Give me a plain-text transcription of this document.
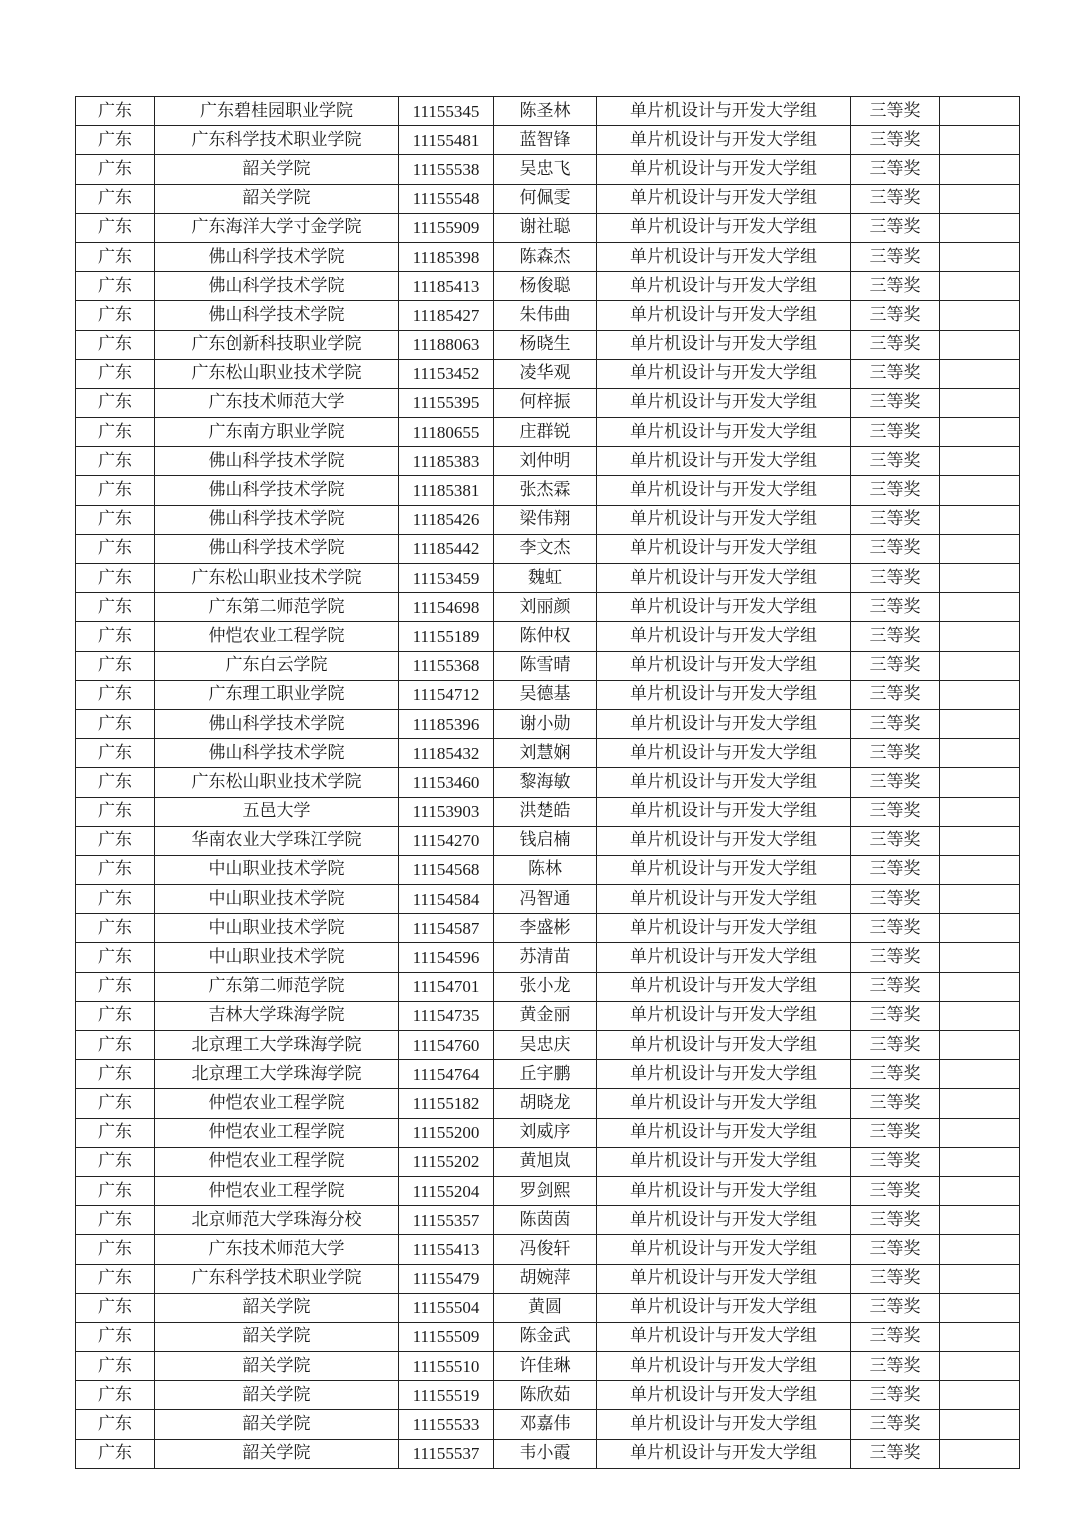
广东	广东碧桂园职业学院	11155345	陈圣林	单片机设计与开发大学组	三等奖	
广东	广东科学技术职业学院	11155481	蓝智锋	单片机设计与开发大学组	三等奖	
广东	韶关学院	11155538	吴忠飞	单片机设计与开发大学组	三等奖	
广东	韶关学院	11155548	何佩雯	单片机设计与开发大学组	三等奖	
广东	广东海洋大学寸金学院	11155909	谢社聪	单片机设计与开发大学组	三等奖	
广东	佛山科学技术学院	11185398	陈森杰	单片机设计与开发大学组	三等奖	
广东	佛山科学技术学院	11185413	杨俊聪	单片机设计与开发大学组	三等奖	
广东	佛山科学技术学院	11185427	朱伟曲	单片机设计与开发大学组	三等奖	
广东	广东创新科技职业学院	11188063	杨晓生	单片机设计与开发大学组	三等奖	
广东	广东松山职业技术学院	11153452	凌华观	单片机设计与开发大学组	三等奖	
广东	广东技术师范大学	11155395	何梓振	单片机设计与开发大学组	三等奖	
广东	广东南方职业学院	11180655	庄群锐	单片机设计与开发大学组	三等奖	
广东	佛山科学技术学院	11185383	刘仲明	单片机设计与开发大学组	三等奖	
广东	佛山科学技术学院	11185381	张杰霖	单片机设计与开发大学组	三等奖	
广东	佛山科学技术学院	11185426	梁伟翔	单片机设计与开发大学组	三等奖	
广东	佛山科学技术学院	11185442	李文杰	单片机设计与开发大学组	三等奖	
广东	广东松山职业技术学院	11153459	魏虹	单片机设计与开发大学组	三等奖	
广东	广东第二师范学院	11154698	刘丽颜	单片机设计与开发大学组	三等奖	
广东	仲恺农业工程学院	11155189	陈仲权	单片机设计与开发大学组	三等奖	
广东	广东白云学院	11155368	陈雪晴	单片机设计与开发大学组	三等奖	
广东	广东理工职业学院	11154712	吴德基	单片机设计与开发大学组	三等奖	
广东	佛山科学技术学院	11185396	谢小勋	单片机设计与开发大学组	三等奖	
广东	佛山科学技术学院	11185432	刘慧娴	单片机设计与开发大学组	三等奖	
广东	广东松山职业技术学院	11153460	黎海敏	单片机设计与开发大学组	三等奖	
广东	五邑大学	11153903	洪楚皓	单片机设计与开发大学组	三等奖	
广东	华南农业大学珠江学院	11154270	钱启楠	单片机设计与开发大学组	三等奖	
广东	中山职业技术学院	11154568	陈林	单片机设计与开发大学组	三等奖	
广东	中山职业技术学院	11154584	冯智通	单片机设计与开发大学组	三等奖	
广东	中山职业技术学院	11154587	李盛彬	单片机设计与开发大学组	三等奖	
广东	中山职业技术学院	11154596	苏清苗	单片机设计与开发大学组	三等奖	
广东	广东第二师范学院	11154701	张小龙	单片机设计与开发大学组	三等奖	
广东	吉林大学珠海学院	11154735	黄金丽	单片机设计与开发大学组	三等奖	
广东	北京理工大学珠海学院	11154760	吴忠庆	单片机设计与开发大学组	三等奖	
广东	北京理工大学珠海学院	11154764	丘宇鹏	单片机设计与开发大学组	三等奖	
广东	仲恺农业工程学院	11155182	胡晓龙	单片机设计与开发大学组	三等奖	
广东	仲恺农业工程学院	11155200	刘威序	单片机设计与开发大学组	三等奖	
广东	仲恺农业工程学院	11155202	黄旭岚	单片机设计与开发大学组	三等奖	
广东	仲恺农业工程学院	11155204	罗剑熙	单片机设计与开发大学组	三等奖	
广东	北京师范大学珠海分校	11155357	陈茵茵	单片机设计与开发大学组	三等奖	
广东	广东技术师范大学	11155413	冯俊轩	单片机设计与开发大学组	三等奖	
广东	广东科学技术职业学院	11155479	胡婉萍	单片机设计与开发大学组	三等奖	
广东	韶关学院	11155504	黄圆	单片机设计与开发大学组	三等奖	
广东	韶关学院	11155509	陈金武	单片机设计与开发大学组	三等奖	
广东	韶关学院	11155510	许佳琳	单片机设计与开发大学组	三等奖	
广东	韶关学院	11155519	陈欣茹	单片机设计与开发大学组	三等奖	
广东	韶关学院	11155533	邓嘉伟	单片机设计与开发大学组	三等奖	
广东	韶关学院	11155537	韦小霞	单片机设计与开发大学组	三等奖	
